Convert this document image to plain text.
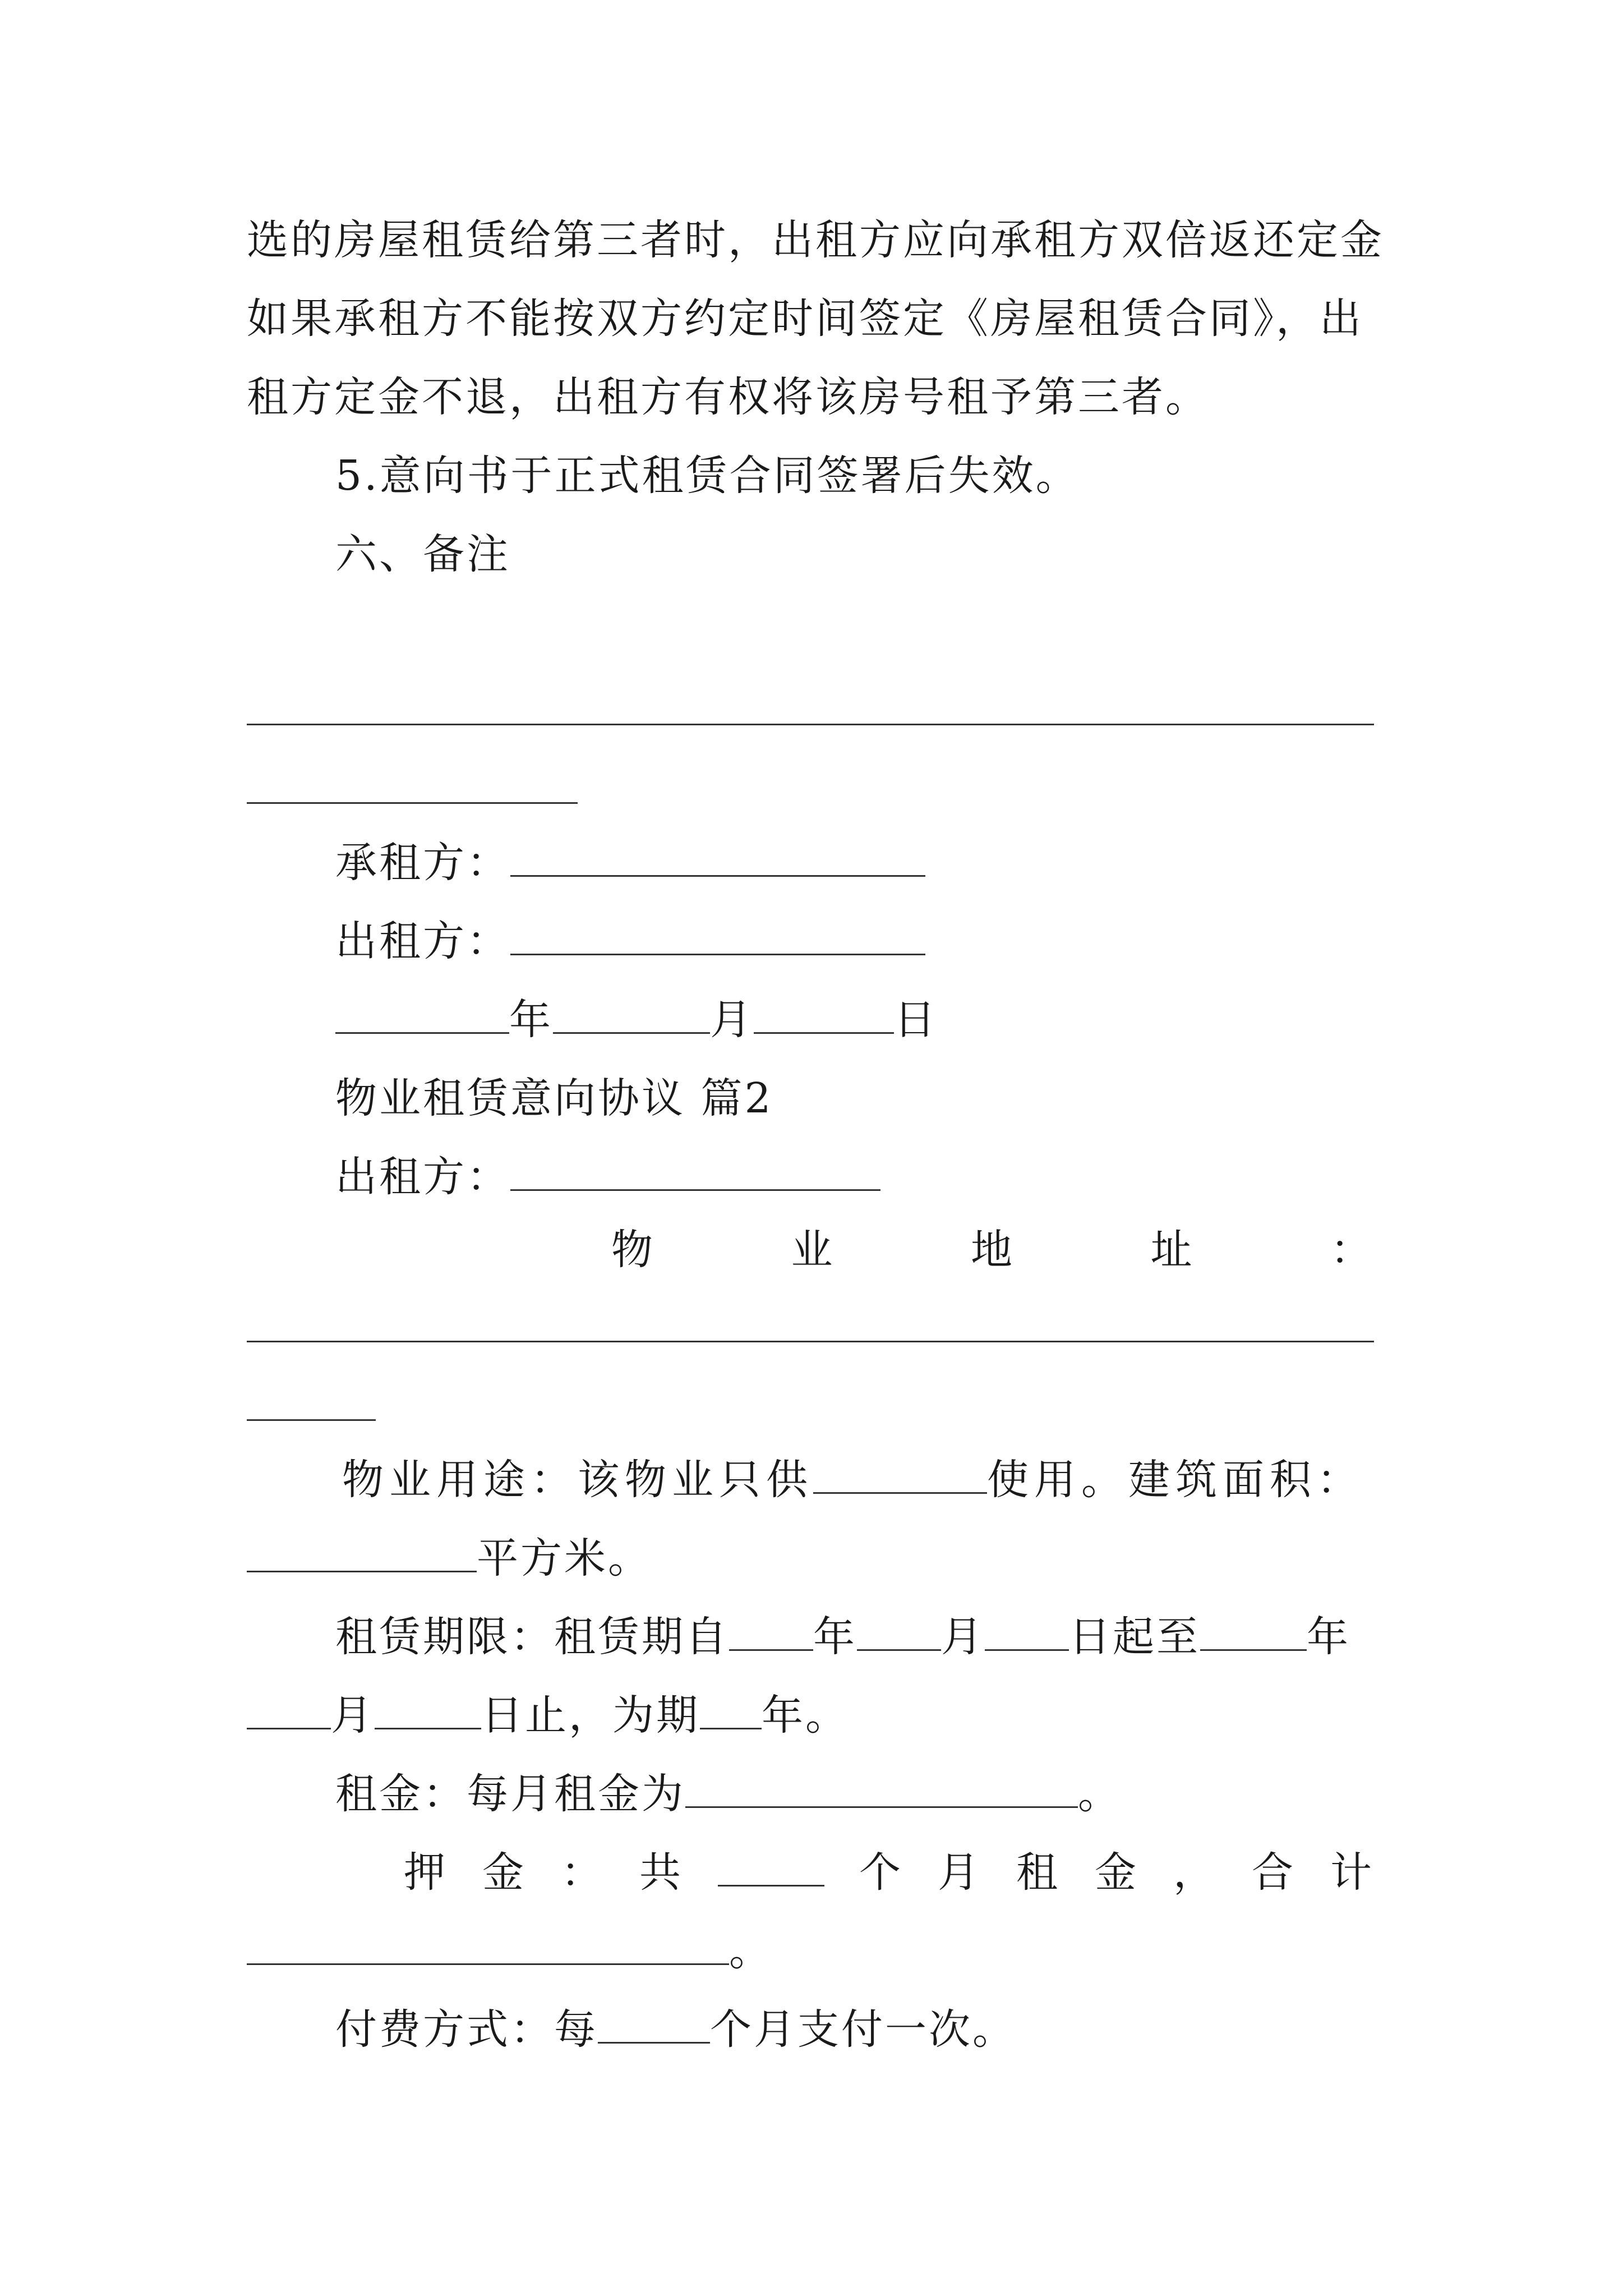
选的房屋租赁给第三者时，出租方应向承租方双倍返还定金
如果承租方不能按双方约定时间签定《房屋租赁合同》，出
租方定金不退，出租方有权将该房号租予第三者。
5.意向书于正式租赁合同签署后失效。
六、备注
承租方：
出租方：
年	月	日
物业租赁意向协议 篇2
出租方：
物	业	地	址	：
物业用途：该物业只供	使用。建筑面积：
平方米。
租赁期限：租赁期自 年 月 日起至	年
月	日止，为期 年。
租金：每月租金为	。
押 金 ： 共	个 月 租 金 ， 合 计
。
付费方式：每	个月支付一次。
